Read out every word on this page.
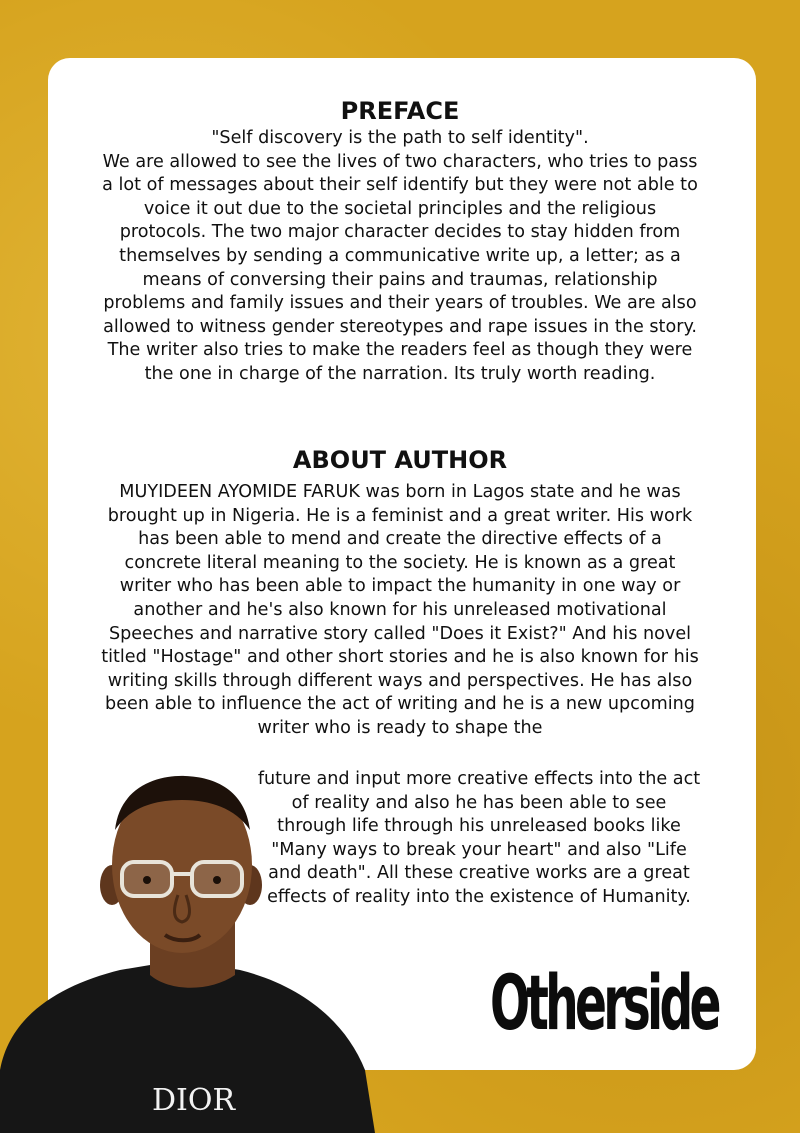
PREFACE

"Self discovery is the path to self identity".

We are allowed to see the lives of two characters, who tries to pass a lot of messages about their self identify but they were not able to voice it out due to the societal principles and the religious protocols. The two major character decides to stay hidden from themselves by sending a communicative write up, a letter; as a means of conversing their pains and traumas, relationship problems and family issues and their years of troubles. We are also allowed to witness gender stereotypes and rape issues in the story. The writer also tries to make the readers feel as though they were the one in charge of the narration. Its truly worth reading.

ABOUT AUTHOR

MUYIDEEN AYOMIDE FARUK was born in Lagos state and he was brought up in Nigeria. He is a feminist and a great writer. His work has been able to mend and create the directive effects of a concrete literal meaning to the society. He is known as a great writer who has been able to impact the humanity in one way or another and he's also known for his unreleased motivational Speeches and narrative story called "Does it Exist?" And his novel titled "Hostage" and other short stories and he is also known for his writing skills through different ways and perspectives. He has also been able to influence the act of writing and he is a new upcoming writer who is ready to shape the

future and input more creative effects into the act of reality and also he has been able to see through life through his unreleased books like "Many ways to break your heart" and also "Life and death". All these creative works are a great effects of reality into the existence of Humanity.

DIOR
Otherside
